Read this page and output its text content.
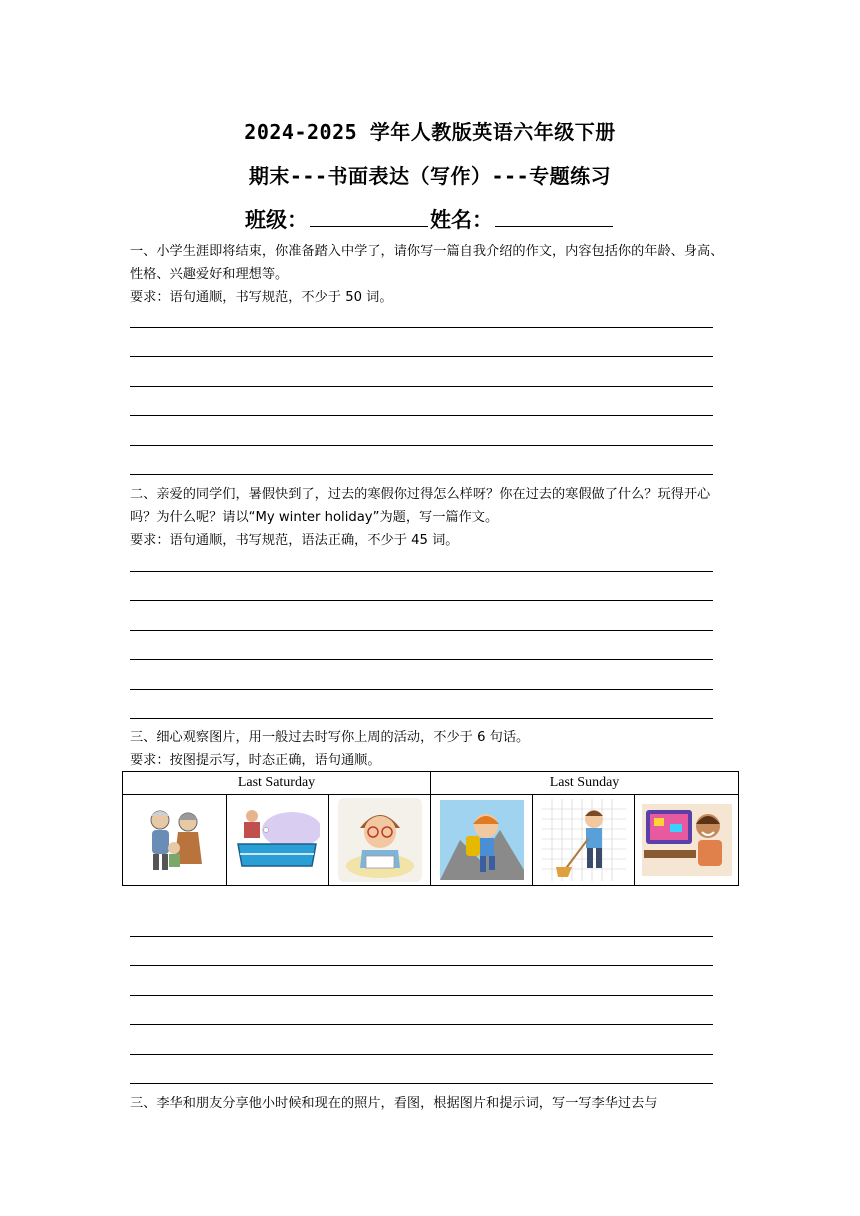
2024-2025 学年人教版英语六年级下册
期末---书面表达（写作）---专题练习
班级：	姓名：
一、小学生涯即将结束，你准备踏入中学了，请你写一篇自我介绍的作文，内容包括你的年龄、身高、性格、兴趣爱好和理想等。
要求：语句通顺，书写规范，不少于 50 词。
二、亲爱的同学们，暑假快到了，过去的寒假你过得怎么样呀？你在过去的寒假做了什么？玩得开心吗？为什么呢？请以“My winter holiday”为题，写一篇作文。
要求：语句通顺，书写规范，语法正确，不少于 45 词。
三、细心观察图片，用一般过去时写你上周的活动，不少于 6 句话。
要求：按图提示写，时态正确，语句通顺。
Last Saturday			Last Sunday		

三、李华和朋友分享他小时候和现在的照片，看图，根据图片和提示词，写一写李华过去与
